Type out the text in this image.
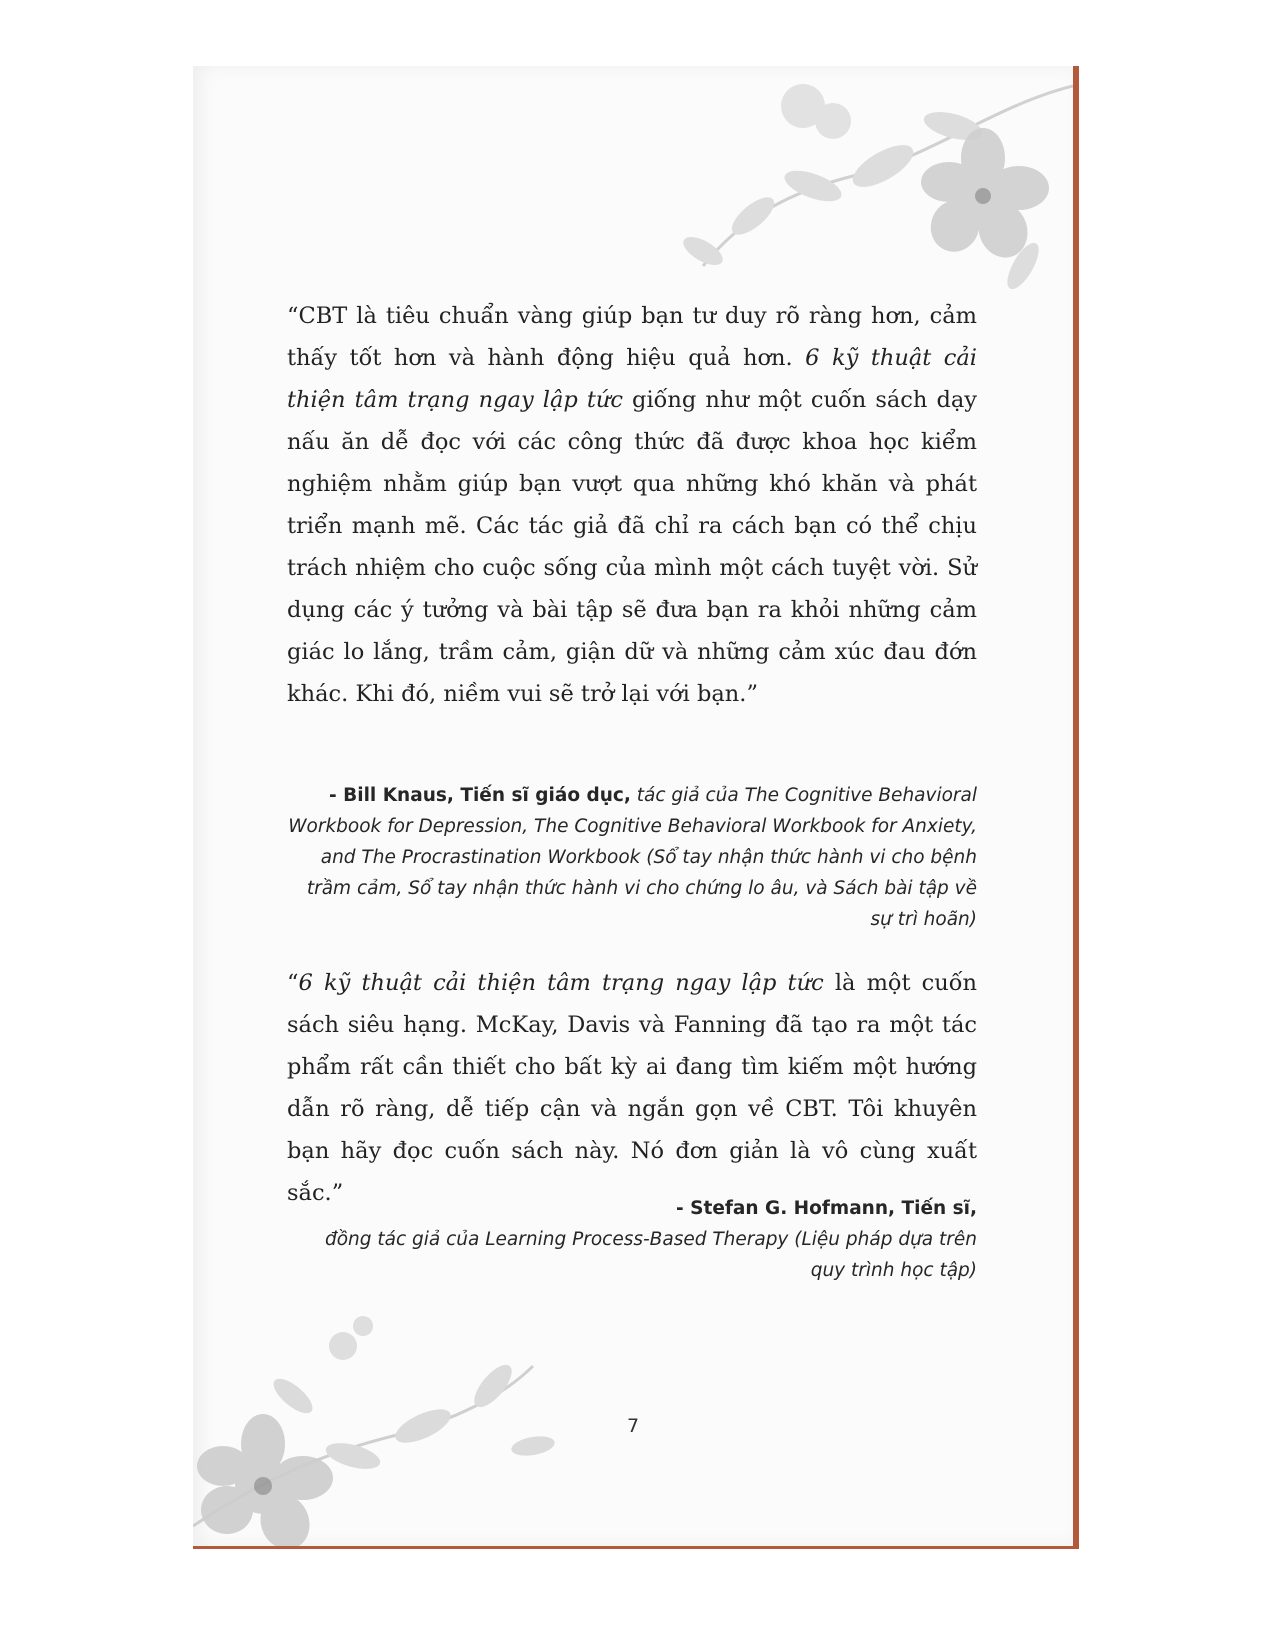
“CBT là tiêu chuẩn vàng giúp bạn tư duy rõ ràng hơn, cảm thấy tốt hơn và hành động hiệu quả hơn. 6 kỹ thuật cải thiện tâm trạng ngay lập tức giống như một cuốn sách dạy nấu ăn dễ đọc với các công thức đã được khoa học kiểm nghiệm nhằm giúp bạn vượt qua những khó khăn và phát triển mạnh mẽ. Các tác giả đã chỉ ra cách bạn có thể chịu trách nhiệm cho cuộc sống của mình một cách tuyệt vời. Sử dụng các ý tưởng và bài tập sẽ đưa bạn ra khỏi những cảm giác lo lắng, trầm cảm, giận dữ và những cảm xúc đau đớn khác. Khi đó, niềm vui sẽ trở lại với bạn.”

- Bill Knaus, Tiến sĩ giáo dục, tác giả của The Cognitive Behavioral Workbook for Depression, The Cognitive Behavioral Workbook for Anxiety, and The Procrastination Workbook (Sổ tay nhận thức hành vi cho bệnh trầm cảm, Sổ tay nhận thức hành vi cho chứng lo âu, và Sách bài tập về sự trì hoãn)

“6 kỹ thuật cải thiện tâm trạng ngay lập tức là một cuốn sách siêu hạng. McKay, Davis và Fanning đã tạo ra một tác phẩm rất cần thiết cho bất kỳ ai đang tìm kiếm một hướng dẫn rõ ràng, dễ tiếp cận và ngắn gọn về CBT. Tôi khuyên bạn hãy đọc cuốn sách này. Nó đơn giản là vô cùng xuất sắc.”

- Stefan G. Hofmann, Tiến sĩ,
đồng tác giả của Learning Process-Based Therapy (Liệu pháp dựa trên quy trình học tập)

7
